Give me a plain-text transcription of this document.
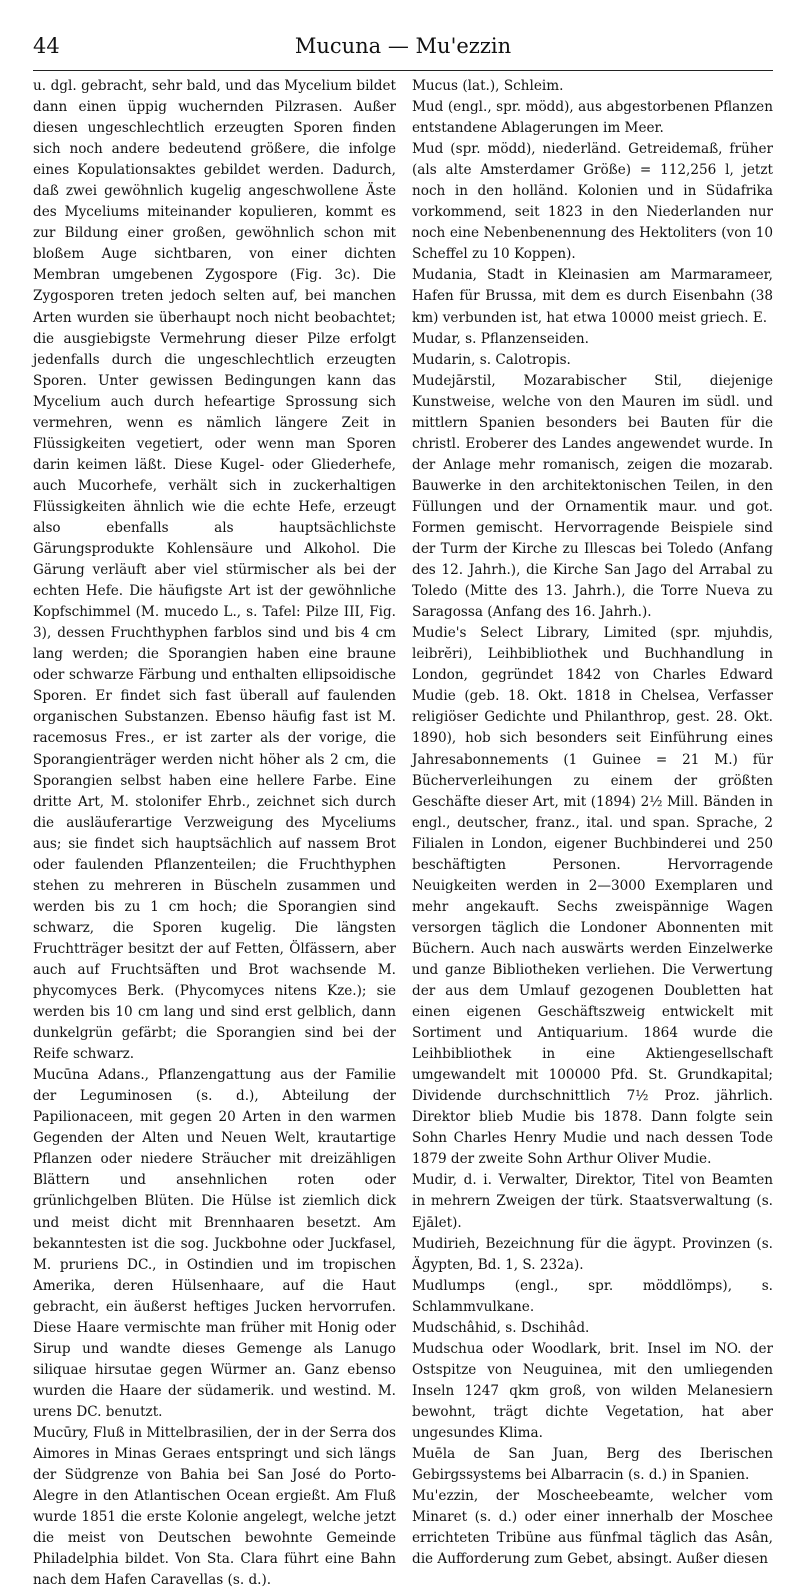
44	Mucuna — Mu'ezzin

u. dgl. gebracht, sehr bald, und das Mycelium bildet dann einen üppig wuchernden Pilzrasen. Außer diesen ungeschlechtlich erzeugten Sporen finden sich noch andere bedeutend größere, die infolge eines Kopulationsaktes gebildet werden. Dadurch, daß zwei gewöhnlich kugelig angeschwollene Äste des Myceliums miteinander kopulieren, kommt es zur Bildung einer großen, gewöhnlich schon mit bloßem Auge sichtbaren, von einer dichten Membran umgebenen Zygospore (Fig. 3c). Die Zygosporen treten jedoch selten auf, bei manchen Arten wurden sie überhaupt noch nicht beobachtet; die ausgiebigste Vermehrung dieser Pilze erfolgt jedenfalls durch die ungeschlechtlich erzeugten Sporen. Unter gewissen Bedingungen kann das Mycelium auch durch hefeartige Sprossung sich vermehren, wenn es nämlich längere Zeit in Flüssigkeiten vegetiert, oder wenn man Sporen darin keimen läßt. Diese Kugel- oder Gliederhefe, auch Mucorhefe, verhält sich in zuckerhaltigen Flüssigkeiten ähnlich wie die echte Hefe, erzeugt also ebenfalls als hauptsächlichste Gärungsprodukte Kohlensäure und Alkohol. Die Gärung verläuft aber viel stürmischer als bei der echten Hefe. Die häufigste Art ist der gewöhnliche Kopfschimmel (M. mucedo L., s. Tafel: Pilze III, Fig. 3), dessen Fruchthyphen farblos sind und bis 4 cm lang werden; die Sporangien haben eine braune oder schwarze Färbung und enthalten ellipsoidische Sporen. Er findet sich fast überall auf faulenden organischen Substanzen. Ebenso häufig fast ist M. racemosus Fres., er ist zarter als der vorige, die Sporangienträger werden nicht höher als 2 cm, die Sporangien selbst haben eine hellere Farbe. Eine dritte Art, M. stolonifer Ehrb., zeichnet sich durch die ausläuferartige Verzweigung des Myceliums aus; sie findet sich hauptsächlich auf nassem Brot oder faulenden Pflanzenteilen; die Fruchthyphen stehen zu mehreren in Büscheln zusammen und werden bis zu 1 cm hoch; die Sporangien sind schwarz, die Sporen kugelig. Die längsten Fruchtträger besitzt der auf Fetten, Ölfässern, aber auch auf Fruchtsäften und Brot wachsende M. phycomyces Berk. (Phycomyces nitens Kze.); sie werden bis 10 cm lang und sind erst gelblich, dann dunkelgrün gefärbt; die Sporangien sind bei der Reife schwarz.

Mucūna Adans., Pflanzengattung aus der Familie der Leguminosen (s. d.), Abteilung der Papilionaceen, mit gegen 20 Arten in den warmen Gegenden der Alten und Neuen Welt, krautartige Pflanzen oder niedere Sträucher mit dreizähligen Blättern und ansehnlichen roten oder grünlichgelben Blüten. Die Hülse ist ziemlich dick und meist dicht mit Brennhaaren besetzt. Am bekanntesten ist die sog. Juckbohne oder Juckfasel, M. pruriens DC., in Ostindien und im tropischen Amerika, deren Hülsenhaare, auf die Haut gebracht, ein äußerst heftiges Jucken hervorrufen. Diese Haare vermischte man früher mit Honig oder Sirup und wandte dieses Gemenge als Lanugo siliquae hirsutae gegen Würmer an. Ganz ebenso wurden die Haare der südamerik. und westind. M. urens DC. benutzt.

Mucūry, Fluß in Mittelbrasilien, der in der Serra dos Aimores in Minas Geraes entspringt und sich längs der Südgrenze von Bahia bei San José do Porto-Alegre in den Atlantischen Ocean ergießt. Am Fluß wurde 1851 die erste Kolonie angelegt, welche jetzt die meist von Deutschen bewohnte Gemeinde Philadelphia bildet. Von Sta. Clara führt eine Bahn nach dem Hafen Caravellas (s. d.).

Mucus (lat.), Schleim.

Mud (engl., spr. mödd), aus abgestorbenen Pflanzen entstandene Ablagerungen im Meer.

Mud (spr. mödd), niederländ. Getreidemaß, früher (als alte Amsterdamer Größe) = 112,256 l, jetzt noch in den holländ. Kolonien und in Südafrika vorkommend, seit 1823 in den Niederlanden nur noch eine Nebenbenennung des Hektoliters (von 10 Scheffel zu 10 Koppen).

Mudania, Stadt in Kleinasien am Marmarameer, Hafen für Brussa, mit dem es durch Eisenbahn (38 km) verbunden ist, hat etwa 10000 meist griech. E.

Mudar, s. Pflanzenseiden.

Mudarin, s. Calotropis.

Mudejārstil, Mozarabischer Stil, diejenige Kunstweise, welche von den Mauren im südl. und mittlern Spanien besonders bei Bauten für die christl. Eroberer des Landes angewendet wurde. In der Anlage mehr romanisch, zeigen die mozarab. Bauwerke in den architektonischen Teilen, in den Füllungen und der Ornamentik maur. und got. Formen gemischt. Hervorragende Beispiele sind der Turm der Kirche zu Illescas bei Toledo (Anfang des 12. Jahrh.), die Kirche San Jago del Arrabal zu Toledo (Mitte des 13. Jahrh.), die Torre Nueva zu Saragossa (Anfang des 16. Jahrh.).

Mudie's Select Library, Limited (spr. mjuhdis, leibrĕri), Leihbibliothek und Buchhandlung in London, gegründet 1842 von Charles Edward Mudie (geb. 18. Okt. 1818 in Chelsea, Verfasser religiöser Gedichte und Philanthrop, gest. 28. Okt. 1890), hob sich besonders seit Einführung eines Jahresabonnements (1 Guinee = 21 M.) für Bücherverleihungen zu einem der größten Geschäfte dieser Art, mit (1894) 2½ Mill. Bänden in engl., deutscher, franz., ital. und span. Sprache, 2 Filialen in London, eigener Buchbinderei und 250 beschäftigten Personen. Hervorragende Neuigkeiten werden in 2—3000 Exemplaren und mehr angekauft. Sechs zweispännige Wagen versorgen täglich die Londoner Abonnenten mit Büchern. Auch nach auswärts werden Einzelwerke und ganze Bibliotheken verliehen. Die Verwertung der aus dem Umlauf gezogenen Doubletten hat einen eigenen Geschäftszweig entwickelt mit Sortiment und Antiquarium. 1864 wurde die Leihbibliothek in eine Aktiengesellschaft umgewandelt mit 100000 Pfd. St. Grundkapital; Dividende durchschnittlich 7½ Proz. jährlich. Direktor blieb Mudie bis 1878. Dann folgte sein Sohn Charles Henry Mudie und nach dessen Tode 1879 der zweite Sohn Arthur Oliver Mudie.

Mudir, d. i. Verwalter, Direktor, Titel von Beamten in mehrern Zweigen der türk. Staatsverwaltung (s. Ejālet).

Mudirieh, Bezeichnung für die ägypt. Provinzen (s. Ägypten, Bd. 1, S. 232a).

Mudlumps (engl., spr. möddlömps), s. Schlammvulkane.

Mudschâhid, s. Dschihâd.

Mudschua oder Woodlark, brit. Insel im NO. der Ostspitze von Neuguinea, mit den umliegenden Inseln 1247 qkm groß, von wilden Melanesiern bewohnt, trägt dichte Vegetation, hat aber ungesundes Klima.

Muēla de San Juan, Berg des Iberischen Gebirgssystems bei Albarracin (s. d.) in Spanien.

Mu'ezzin, der Moscheebeamte, welcher vom Minaret (s. d.) oder einer innerhalb der Moschee errichteten Tribüne aus fünfmal täglich das Asân, die Aufforderung zum Gebet, absingt. Außer diesen
